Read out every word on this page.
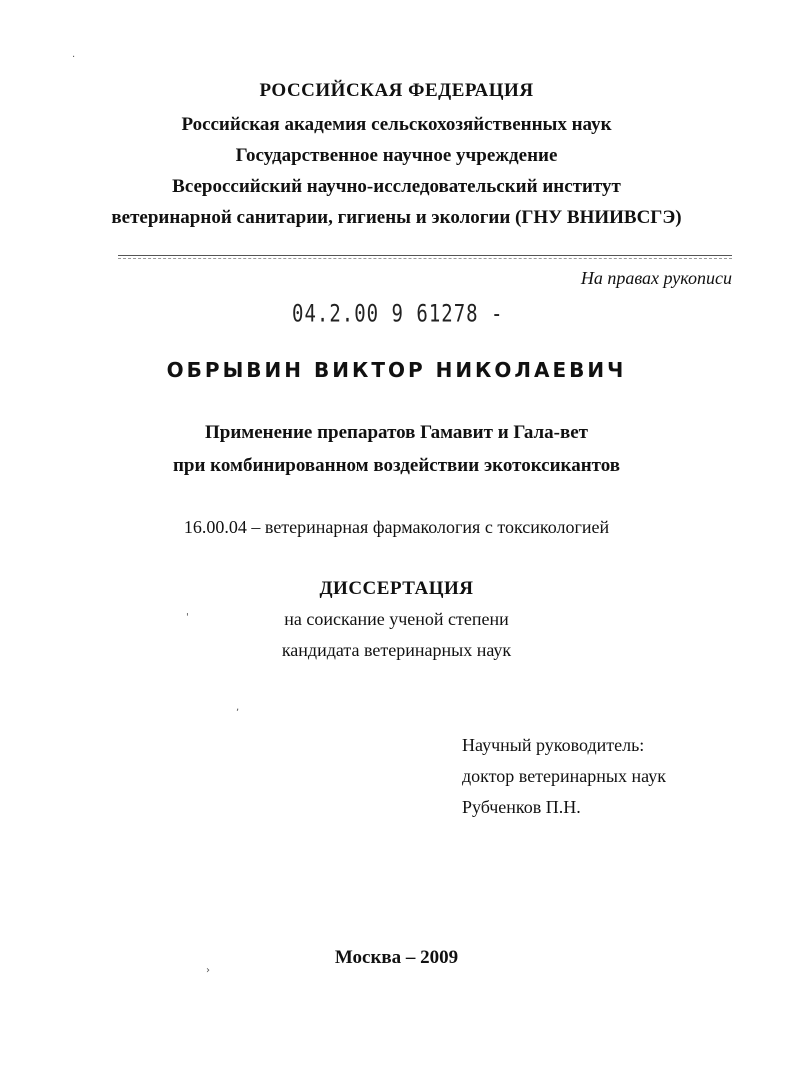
·
РОССИЙСКАЯ ФЕДЕРАЦИЯ
Российская академия сельскохозяйственных наук
Государственное научное учреждение
Всероссийский научно-исследовательский институт
ветеринарной санитарии, гигиены и экологии (ГНУ ВНИИВСГЭ)
На правах рукописи
04.2.00 9 61278 -
ОБРЫВИН ВИКТОР НИКОЛАЕВИЧ
Применение препаратов Гамавит и Гала-вет
при комбинированном воздействии экотоксикантов
16.00.04 – ветеринарная фармакология с токсикологией
'
ДИССЕРТАЦИЯ
на соискание ученой степени
кандидата ветеринарных наук
,
Научный руководитель:
доктор ветеринарных наук
Рубченков П.Н.
›
Москва – 2009
